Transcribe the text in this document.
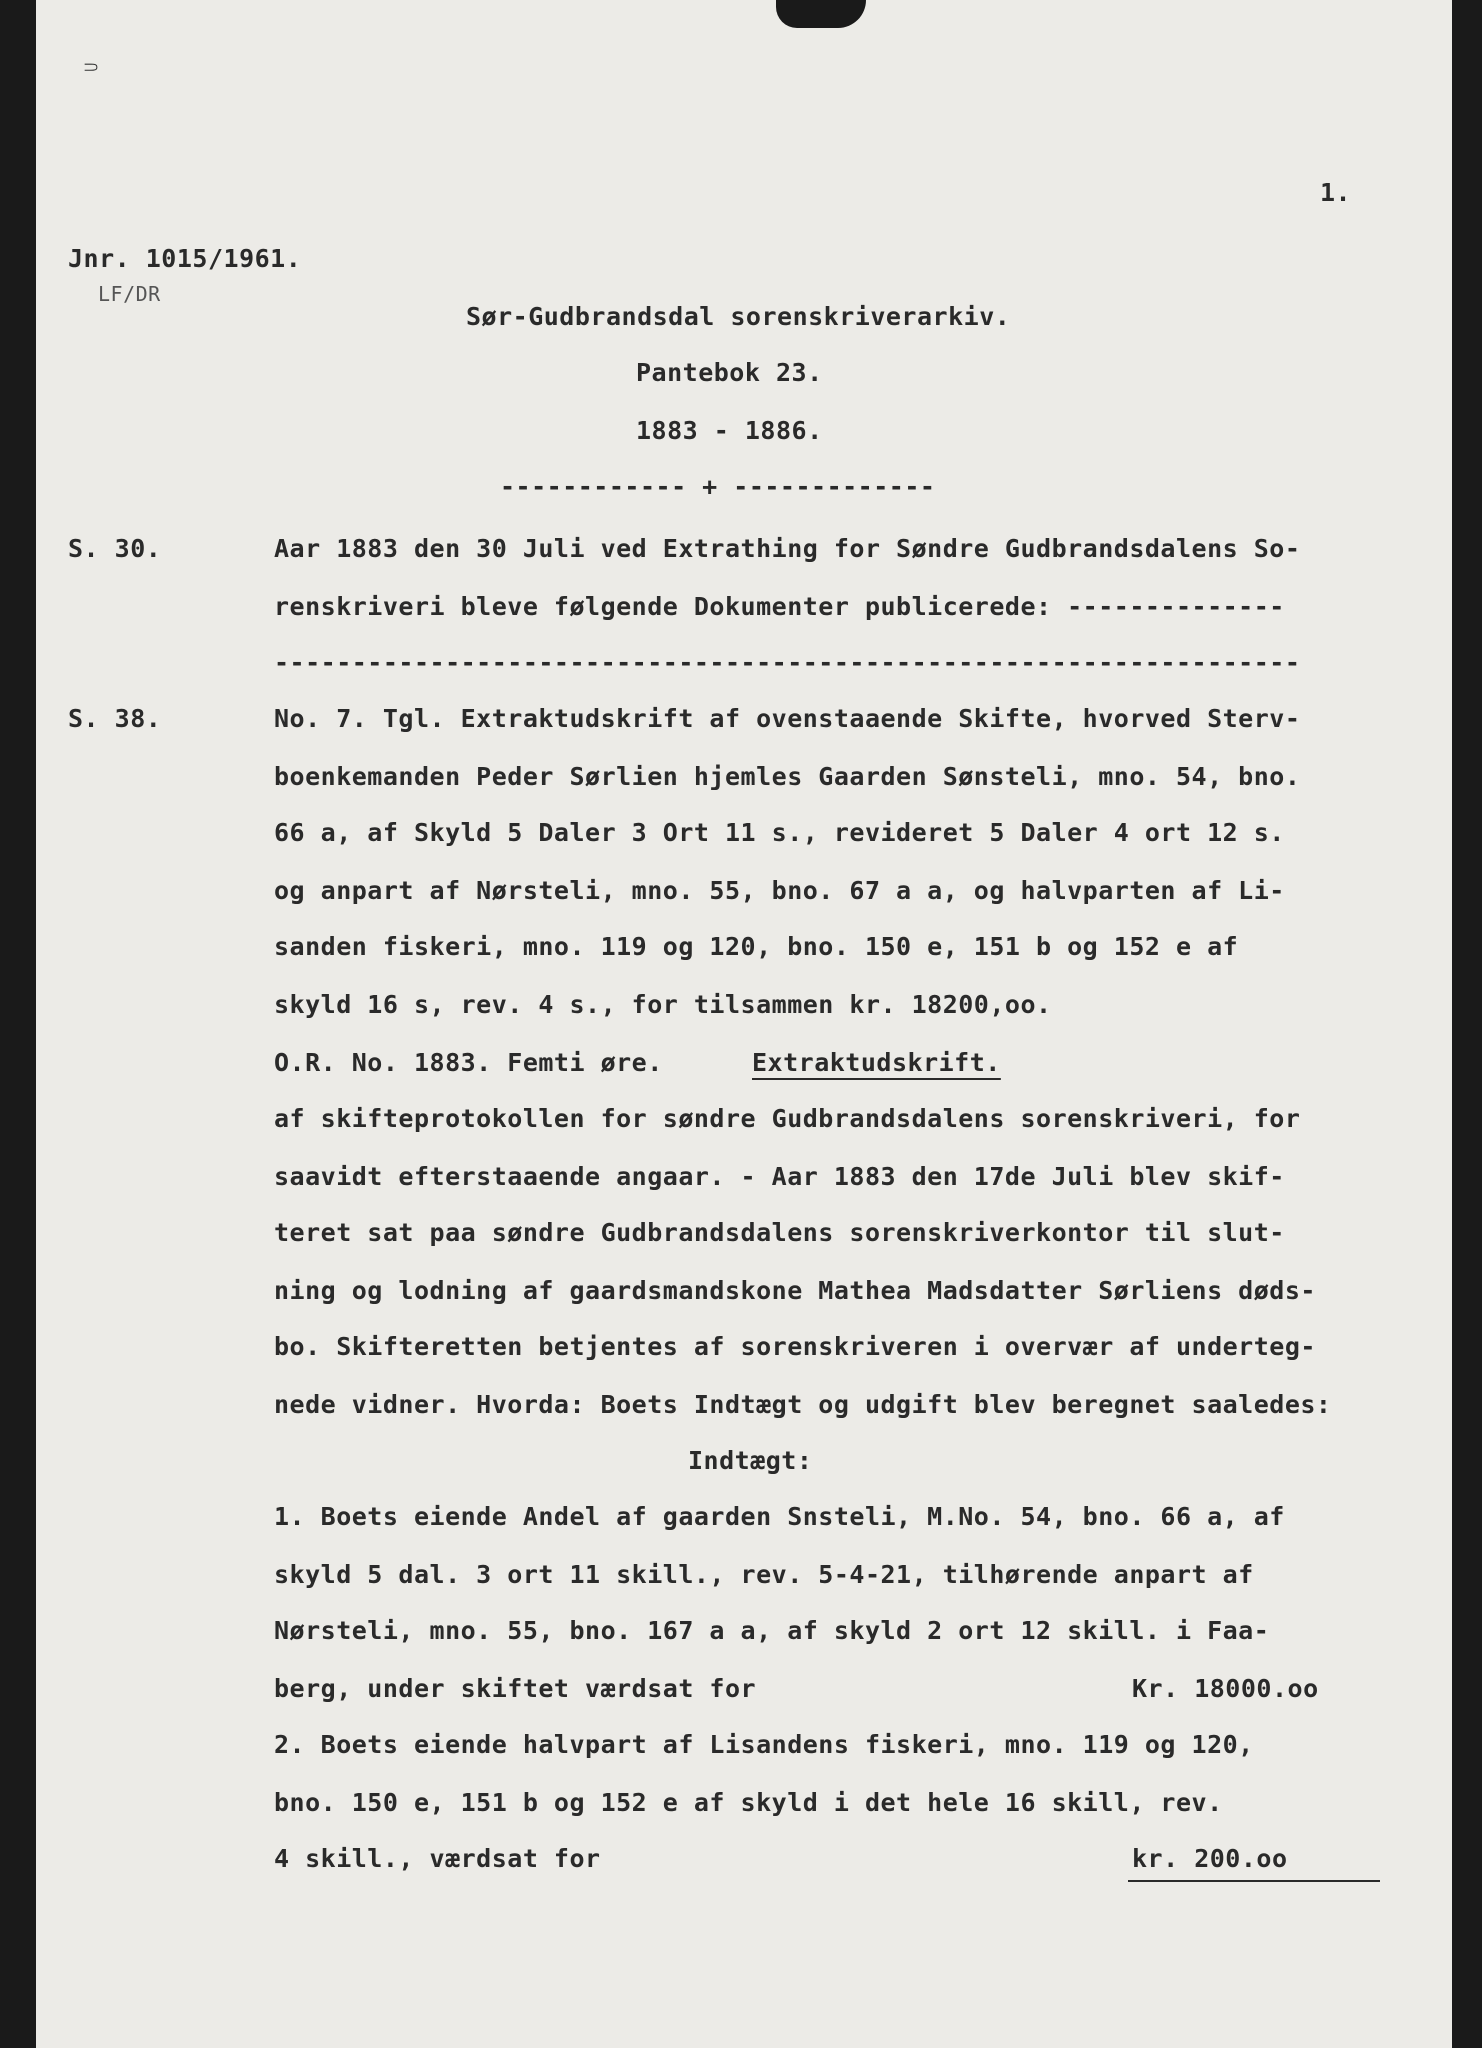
⸧
1.
Jnr. 1015/1961.
LF/DR
Sør-Gudbrandsdal sorenskriverarkiv.
Pantebok 23.
1883 - 1886.
------------ + -------------
S. 30.	Aar 1883 den 30 Juli ved Extrathing for Søndre Gudbrandsdalens So-
renskriveri bleve følgende Dokumenter publicerede: --------------
------------------------------------------------------------------
S. 38.	No. 7. Tgl. Extraktudskrift af ovenstaaende Skifte, hvorved Sterv-
boenkemanden Peder Sørlien hjemles Gaarden Sønsteli, mno. 54, bno.
66 a, af Skyld 5 Daler 3 Ort 11 s., revideret 5 Daler 4 ort 12 s.
og anpart af Nørsteli, mno. 55, bno. 67 a a, og halvparten af Li-
sanden fiskeri, mno. 119 og 120, bno. 150 e, 151 b og 152 e af
skyld 16 s, rev. 4 s., for tilsammen kr. 18200,oo.
O.R. No. 1883. Femti øre.	Extraktudskrift.
af skifteprotokollen for søndre Gudbrandsdalens sorenskriveri, for
saavidt efterstaaende angaar. - Aar 1883 den 17de Juli blev skif-
teret sat paa søndre Gudbrandsdalens sorenskriverkontor til slut-
ning og lodning af gaardsmandskone Mathea Madsdatter Sørliens døds-
bo. Skifteretten betjentes af sorenskriveren i overvær af underteg-
nede vidner. Hvorda: Boets Indtægt og udgift blev beregnet saaledes:
Indtægt:
1. Boets eiende Andel af gaarden Snsteli, M.No. 54, bno. 66 a, af
skyld 5 dal. 3 ort 11 skill., rev. 5-4-21, tilhørende anpart af
Nørsteli, mno. 55, bno. 167 a a, af skyld 2 ort 12 skill. i Faa-
berg, under skiftet værdsat for	Kr. 18000.oo
2. Boets eiende halvpart af Lisandens fiskeri, mno. 119 og 120,
bno. 150 e, 151 b og 152 e af skyld i det hele 16 skill, rev.
4 skill., værdsat for	kr. 200.oo
